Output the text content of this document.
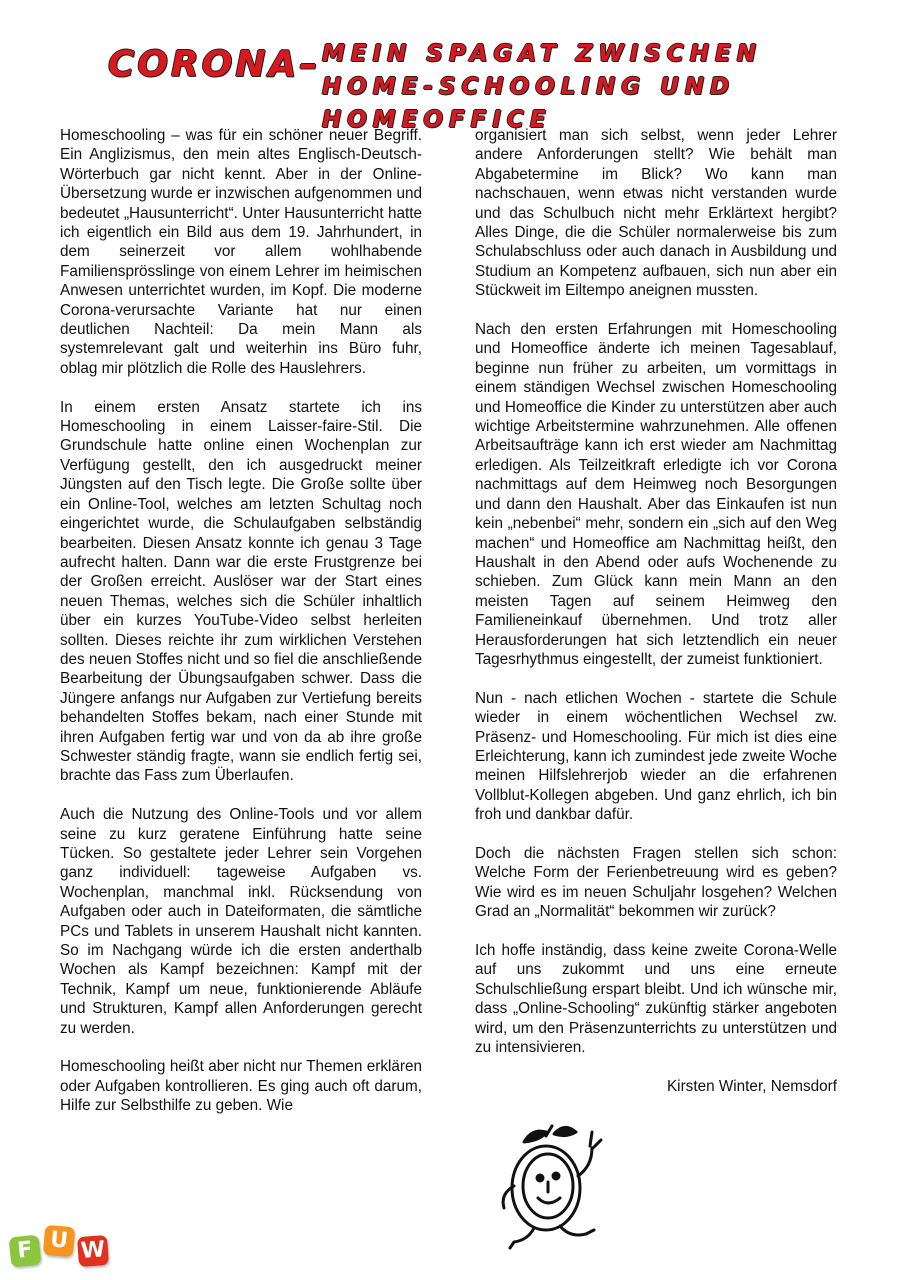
CORONA– MEIN SPAGAT ZWISCHEN HOME-SCHOOLING UND HOMEOFFICE

Homeschooling – was für ein schöner neuer Begriff. Ein Anglizismus, den mein altes Englisch-Deutsch-Wörterbuch gar nicht kennt. Aber in der Online-Übersetzung wurde er inzwischen aufgenommen und bedeutet „Hausunterricht“. Unter Hausunterricht hatte ich eigentlich ein Bild aus dem 19. Jahrhundert, in dem seinerzeit vor allem wohlhabende Familiensprösslinge von einem Lehrer im heimischen Anwesen unterrichtet wurden, im Kopf. Die moderne Corona-verursachte Variante hat nur einen deutlichen Nachteil: Da mein Mann als systemrelevant galt und weiterhin ins Büro fuhr, oblag mir plötzlich die Rolle des Hauslehrers.

In einem ersten Ansatz startete ich ins Homeschooling in einem Laisser-faire-Stil. Die Grundschule hatte online einen Wochenplan zur Verfügung gestellt, den ich ausgedruckt meiner Jüngsten auf den Tisch legte. Die Große sollte über ein Online-Tool, welches am letzten Schultag noch eingerichtet wurde, die Schulaufgaben selbständig bearbeiten. Diesen Ansatz konnte ich genau 3 Tage aufrecht halten. Dann war die erste Frustgrenze bei der Großen erreicht. Auslöser war der Start eines neuen Themas, welches sich die Schüler inhaltlich über ein kurzes YouTube-Video selbst herleiten sollten. Dieses reichte ihr zum wirklichen Verstehen des neuen Stoffes nicht und so fiel die anschließende Bearbeitung der Übungsaufgaben schwer. Dass die Jüngere anfangs nur Aufgaben zur Vertiefung bereits behandelten Stoffes bekam, nach einer Stunde mit ihren Aufgaben fertig war und von da ab ihre große Schwester ständig fragte, wann sie endlich fertig sei, brachte das Fass zum Überlaufen.

Auch die Nutzung des Online-Tools und vor allem seine zu kurz geratene Einführung hatte seine Tücken. So gestaltete jeder Lehrer sein Vorgehen ganz individuell: tageweise Aufgaben vs. Wochenplan, manchmal inkl. Rücksendung von Aufgaben oder auch in Dateiformaten, die sämtliche PCs und Tablets in unserem Haushalt nicht kannten. So im Nachgang würde ich die ersten anderthalb Wochen als Kampf bezeichnen: Kampf mit der Technik, Kampf um neue, funktionierende Abläufe und Strukturen, Kampf allen Anforderungen gerecht zu werden.

Homeschooling heißt aber nicht nur Themen erklären oder Aufgaben kontrollieren. Es ging auch oft darum, Hilfe zur Selbsthilfe zu geben. Wie

organisiert man sich selbst, wenn jeder Lehrer andere Anforderungen stellt? Wie behält man Abgabetermine im Blick? Wo kann man nachschauen, wenn etwas nicht verstanden wurde und das Schulbuch nicht mehr Erklärtext hergibt? Alles Dinge, die die Schüler normalerweise bis zum Schulabschluss oder auch danach in Ausbildung und Studium an Kompetenz aufbauen, sich nun aber ein Stückweit im Eiltempo aneignen mussten.

Nach den ersten Erfahrungen mit Homeschooling und Homeoffice änderte ich meinen Tagesablauf, beginne nun früher zu arbeiten, um vormittags in einem ständigen Wechsel zwischen Homeschooling und Homeoffice die Kinder zu unterstützen aber auch wichtige Arbeitstermine wahrzunehmen. Alle offenen Arbeitsaufträge kann ich erst wieder am Nachmittag erledigen. Als Teilzeitkraft erledigte ich vor Corona nachmittags auf dem Heimweg noch Besorgungen und dann den Haushalt. Aber das Einkaufen ist nun kein „nebenbei“ mehr, sondern ein „sich auf den Weg machen“ und Homeoffice am Nachmittag heißt, den Haushalt in den Abend oder aufs Wochenende zu schieben. Zum Glück kann mein Mann an den meisten Tagen auf seinem Heimweg den Familieneinkauf übernehmen. Und trotz aller Herausforderungen hat sich letztendlich ein neuer Tagesrhythmus eingestellt, der zumeist funktioniert.

Nun - nach etlichen Wochen - startete die Schule wieder in einem wöchentlichen Wechsel zw. Präsenz- und Homeschooling. Für mich ist dies eine Erleichterung, kann ich zumindest jede zweite Woche meinen Hilfslehrerjob wieder an die erfahrenen Vollblut-Kollegen abgeben. Und ganz ehrlich, ich bin froh und dankbar dafür.

Doch die nächsten Fragen stellen sich schon: Welche Form der Ferienbetreuung wird es geben? Wie wird es im neuen Schuljahr losgehen? Welchen Grad an „Normalität“ bekommen wir zurück?

Ich hoffe inständig, dass keine zweite Corona-Welle auf uns zukommt und uns eine erneute Schulschließung erspart bleibt. Und ich wünsche mir, dass „Online-Schooling“ zukünftig stärker angeboten wird, um den Präsenzunterrichts zu unterstützen und zu intensivieren.

Kirsten Winter, Nemsdorf
F U W
